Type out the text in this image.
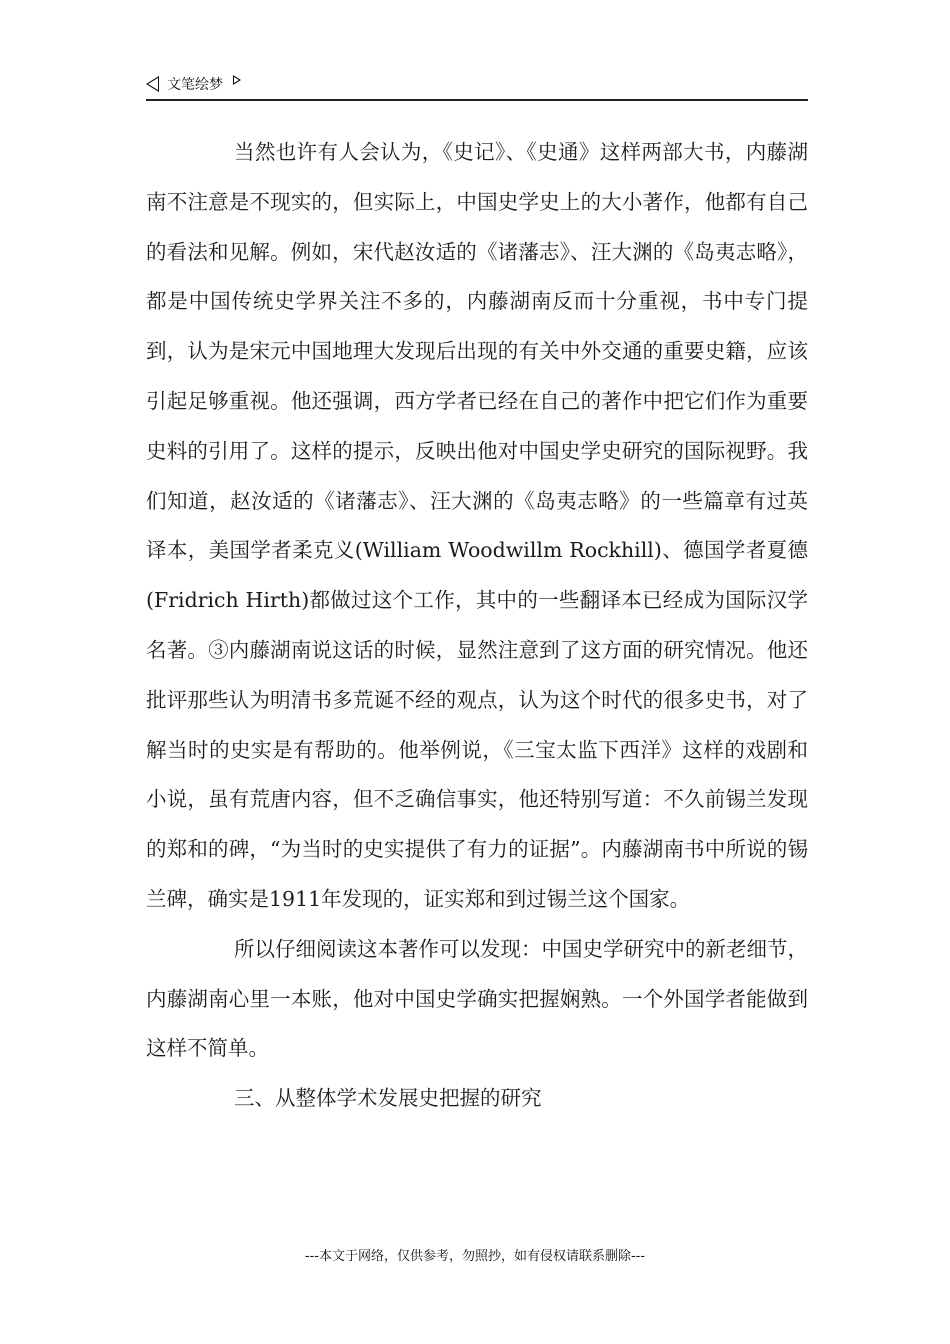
文笔绘梦

当然也许有人会认为，《史记》、《史通》这样两部大书，内藤湖南不注意是不现实的，但实际上，中国史学史上的大小著作，他都有自己的看法和见解。例如，宋代赵汝适的《诸藩志》、汪大渊的《岛夷志略》，都是中国传统史学界关注不多的，内藤湖南反而十分重视，书中专门提到，认为是宋元中国地理大发现后出现的有关中外交通的重要史籍，应该引起足够重视。他还强调，西方学者已经在自己的著作中把它们作为重要史料的引用了。这样的提示，反映出他对中国史学史研究的国际视野。我们知道，赵汝适的《诸藩志》、汪大渊的《岛夷志略》的一些篇章有过英译本，美国学者柔克义(William Woodwillm Rockhill)、德国学者夏德(Fridrich Hirth)都做过这个工作，其中的一些翻译本已经成为国际汉学名著。③内藤湖南说这话的时候，显然注意到了这方面的研究情况。他还批评那些认为明清书多荒诞不经的观点，认为这个时代的很多史书，对了解当时的史实是有帮助的。他举例说，《三宝太监下西洋》这样的戏剧和小说，虽有荒唐内容，但不乏确信事实，他还特别写道：不久前锡兰发现的郑和的碑，“为当时的史实提供了有力的证据”。内藤湖南书中所说的锡兰碑，确实是1911年发现的，证实郑和到过锡兰这个国家。

所以仔细阅读这本著作可以发现：中国史学研究中的新老细节，内藤湖南心里一本账，他对中国史学确实把握娴熟。一个外国学者能做到这样不简单。

三、从整体学术发展史把握的研究

---本文于网络，仅供参考，勿照抄，如有侵权请联系删除---
